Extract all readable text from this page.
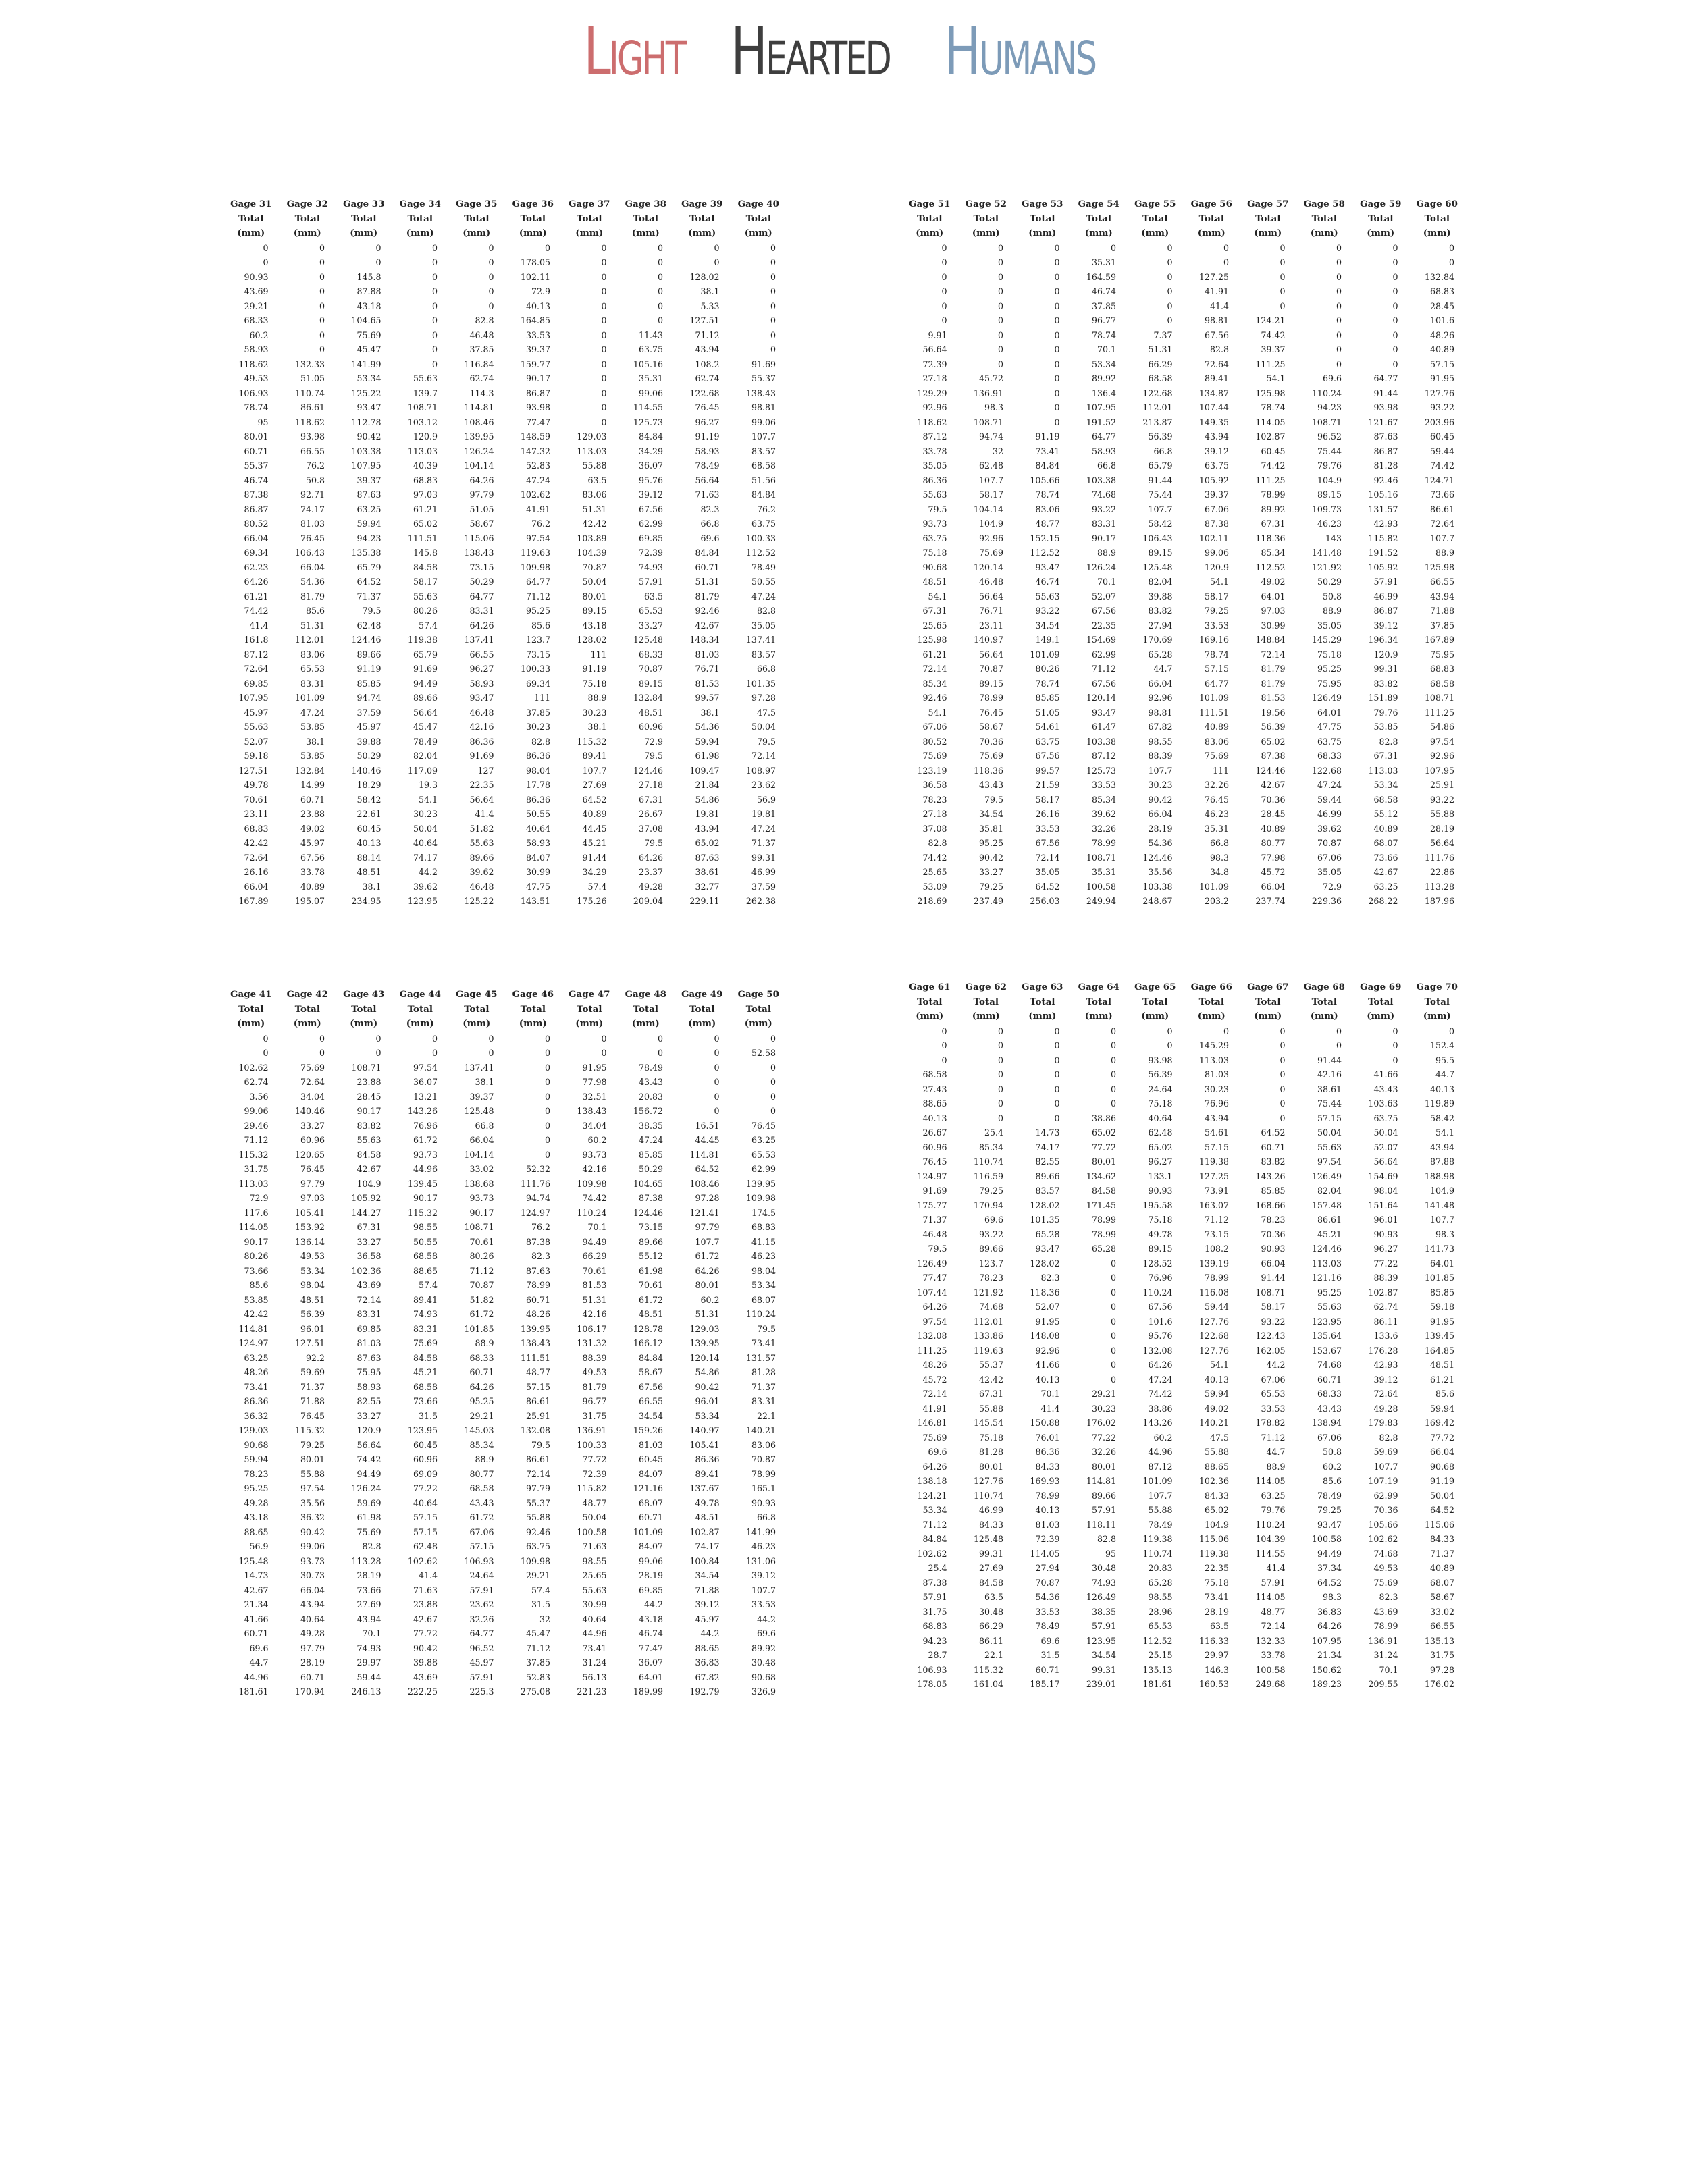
Light Hearted Humans
Gage 31	Gage 32	Gage 33	Gage 34	Gage 35	Gage 36	Gage 37	Gage 38	Gage 39	Gage 40
Total	Total	Total	Total	Total	Total	Total	Total	Total	Total
(mm)	(mm)	(mm)	(mm)	(mm)	(mm)	(mm)	(mm)	(mm)	(mm)
0	0	0	0	0	0	0	0	0	0
0	0	0	0	0	178.05	0	0	0	0
90.93	0	145.8	0	0	102.11	0	0	128.02	0
43.69	0	87.88	0	0	72.9	0	0	38.1	0
29.21	0	43.18	0	0	40.13	0	0	5.33	0
68.33	0	104.65	0	82.8	164.85	0	0	127.51	0
60.2	0	75.69	0	46.48	33.53	0	11.43	71.12	0
58.93	0	45.47	0	37.85	39.37	0	63.75	43.94	0
118.62	132.33	141.99	0	116.84	159.77	0	105.16	108.2	91.69
49.53	51.05	53.34	55.63	62.74	90.17	0	35.31	62.74	55.37
106.93	110.74	125.22	139.7	114.3	86.87	0	99.06	122.68	138.43
78.74	86.61	93.47	108.71	114.81	93.98	0	114.55	76.45	98.81
95	118.62	112.78	103.12	108.46	77.47	0	125.73	96.27	99.06
80.01	93.98	90.42	120.9	139.95	148.59	129.03	84.84	91.19	107.7
60.71	66.55	103.38	113.03	126.24	147.32	113.03	34.29	58.93	83.57
55.37	76.2	107.95	40.39	104.14	52.83	55.88	36.07	78.49	68.58
46.74	50.8	39.37	68.83	64.26	47.24	63.5	95.76	56.64	51.56
87.38	92.71	87.63	97.03	97.79	102.62	83.06	39.12	71.63	84.84
86.87	74.17	63.25	61.21	51.05	41.91	51.31	67.56	82.3	76.2
80.52	81.03	59.94	65.02	58.67	76.2	42.42	62.99	66.8	63.75
66.04	76.45	94.23	111.51	115.06	97.54	103.89	69.85	69.6	100.33
69.34	106.43	135.38	145.8	138.43	119.63	104.39	72.39	84.84	112.52
62.23	66.04	65.79	84.58	73.15	109.98	70.87	74.93	60.71	78.49
64.26	54.36	64.52	58.17	50.29	64.77	50.04	57.91	51.31	50.55
61.21	81.79	71.37	55.63	64.77	71.12	80.01	63.5	81.79	47.24
74.42	85.6	79.5	80.26	83.31	95.25	89.15	65.53	92.46	82.8
41.4	51.31	62.48	57.4	64.26	85.6	43.18	33.27	42.67	35.05
161.8	112.01	124.46	119.38	137.41	123.7	128.02	125.48	148.34	137.41
87.12	83.06	89.66	65.79	66.55	73.15	111	68.33	81.03	83.57
72.64	65.53	91.19	91.69	96.27	100.33	91.19	70.87	76.71	66.8
69.85	83.31	85.85	94.49	58.93	69.34	75.18	89.15	81.53	101.35
107.95	101.09	94.74	89.66	93.47	111	88.9	132.84	99.57	97.28
45.97	47.24	37.59	56.64	46.48	37.85	30.23	48.51	38.1	47.5
55.63	53.85	45.97	45.47	42.16	30.23	38.1	60.96	54.36	50.04
52.07	38.1	39.88	78.49	86.36	82.8	115.32	72.9	59.94	79.5
59.18	53.85	50.29	82.04	91.69	86.36	89.41	79.5	61.98	72.14
127.51	132.84	140.46	117.09	127	98.04	107.7	124.46	109.47	108.97
49.78	14.99	18.29	19.3	22.35	17.78	27.69	27.18	21.84	23.62
70.61	60.71	58.42	54.1	56.64	86.36	64.52	67.31	54.86	56.9
23.11	23.88	22.61	30.23	41.4	50.55	40.89	26.67	19.81	19.81
68.83	49.02	60.45	50.04	51.82	40.64	44.45	37.08	43.94	47.24
42.42	45.97	40.13	40.64	55.63	58.93	45.21	79.5	65.02	71.37
72.64	67.56	88.14	74.17	89.66	84.07	91.44	64.26	87.63	99.31
26.16	33.78	48.51	44.2	39.62	30.99	34.29	23.37	38.61	46.99
66.04	40.89	38.1	39.62	46.48	47.75	57.4	49.28	32.77	37.59
167.89	195.07	234.95	123.95	125.22	143.51	175.26	209.04	229.11	262.38
Gage 51	Gage 52	Gage 53	Gage 54	Gage 55	Gage 56	Gage 57	Gage 58	Gage 59	Gage 60
Total	Total	Total	Total	Total	Total	Total	Total	Total	Total
(mm)	(mm)	(mm)	(mm)	(mm)	(mm)	(mm)	(mm)	(mm)	(mm)
0	0	0	0	0	0	0	0	0	0
0	0	0	35.31	0	0	0	0	0	0
0	0	0	164.59	0	127.25	0	0	0	132.84
0	0	0	46.74	0	41.91	0	0	0	68.83
0	0	0	37.85	0	41.4	0	0	0	28.45
0	0	0	96.77	0	98.81	124.21	0	0	101.6
9.91	0	0	78.74	7.37	67.56	74.42	0	0	48.26
56.64	0	0	70.1	51.31	82.8	39.37	0	0	40.89
72.39	0	0	53.34	66.29	72.64	111.25	0	0	57.15
27.18	45.72	0	89.92	68.58	89.41	54.1	69.6	64.77	91.95
129.29	136.91	0	136.4	122.68	134.87	125.98	110.24	91.44	127.76
92.96	98.3	0	107.95	112.01	107.44	78.74	94.23	93.98	93.22
118.62	108.71	0	191.52	213.87	149.35	114.05	108.71	121.67	203.96
87.12	94.74	91.19	64.77	56.39	43.94	102.87	96.52	87.63	60.45
33.78	32	73.41	58.93	66.8	39.12	60.45	75.44	86.87	59.44
35.05	62.48	84.84	66.8	65.79	63.75	74.42	79.76	81.28	74.42
86.36	107.7	105.66	103.38	91.44	105.92	111.25	104.9	92.46	124.71
55.63	58.17	78.74	74.68	75.44	39.37	78.99	89.15	105.16	73.66
79.5	104.14	83.06	93.22	107.7	67.06	89.92	109.73	131.57	86.61
93.73	104.9	48.77	83.31	58.42	87.38	67.31	46.23	42.93	72.64
63.75	92.96	152.15	90.17	106.43	102.11	118.36	143	115.82	107.7
75.18	75.69	112.52	88.9	89.15	99.06	85.34	141.48	191.52	88.9
90.68	120.14	93.47	126.24	125.48	120.9	112.52	121.92	105.92	125.98
48.51	46.48	46.74	70.1	82.04	54.1	49.02	50.29	57.91	66.55
54.1	56.64	55.63	52.07	39.88	58.17	64.01	50.8	46.99	43.94
67.31	76.71	93.22	67.56	83.82	79.25	97.03	88.9	86.87	71.88
25.65	23.11	34.54	22.35	27.94	33.53	30.99	35.05	39.12	37.85
125.98	140.97	149.1	154.69	170.69	169.16	148.84	145.29	196.34	167.89
61.21	56.64	101.09	62.99	65.28	78.74	72.14	75.18	120.9	75.95
72.14	70.87	80.26	71.12	44.7	57.15	81.79	95.25	99.31	68.83
85.34	89.15	78.74	67.56	66.04	64.77	81.79	75.95	83.82	68.58
92.46	78.99	85.85	120.14	92.96	101.09	81.53	126.49	151.89	108.71
54.1	76.45	51.05	93.47	98.81	111.51	19.56	64.01	79.76	111.25
67.06	58.67	54.61	61.47	67.82	40.89	56.39	47.75	53.85	54.86
80.52	70.36	63.75	103.38	98.55	83.06	65.02	63.75	82.8	97.54
75.69	75.69	67.56	87.12	88.39	75.69	87.38	68.33	67.31	92.96
123.19	118.36	99.57	125.73	107.7	111	124.46	122.68	113.03	107.95
36.58	43.43	21.59	33.53	30.23	32.26	42.67	47.24	53.34	25.91
78.23	79.5	58.17	85.34	90.42	76.45	70.36	59.44	68.58	93.22
27.18	34.54	26.16	39.62	66.04	46.23	28.45	46.99	55.12	55.88
37.08	35.81	33.53	32.26	28.19	35.31	40.89	39.62	40.89	28.19
82.8	95.25	67.56	78.99	54.36	66.8	80.77	70.87	68.07	56.64
74.42	90.42	72.14	108.71	124.46	98.3	77.98	67.06	73.66	111.76
25.65	33.27	35.05	35.31	35.56	34.8	45.72	35.05	42.67	22.86
53.09	79.25	64.52	100.58	103.38	101.09	66.04	72.9	63.25	113.28
218.69	237.49	256.03	249.94	248.67	203.2	237.74	229.36	268.22	187.96
Gage 41	Gage 42	Gage 43	Gage 44	Gage 45	Gage 46	Gage 47	Gage 48	Gage 49	Gage 50
Total	Total	Total	Total	Total	Total	Total	Total	Total	Total
(mm)	(mm)	(mm)	(mm)	(mm)	(mm)	(mm)	(mm)	(mm)	(mm)
0	0	0	0	0	0	0	0	0	0
0	0	0	0	0	0	0	0	0	52.58
102.62	75.69	108.71	97.54	137.41	0	91.95	78.49	0	0
62.74	72.64	23.88	36.07	38.1	0	77.98	43.43	0	0
3.56	34.04	28.45	13.21	39.37	0	32.51	20.83	0	0
99.06	140.46	90.17	143.26	125.48	0	138.43	156.72	0	0
29.46	33.27	83.82	76.96	66.8	0	34.04	38.35	16.51	76.45
71.12	60.96	55.63	61.72	66.04	0	60.2	47.24	44.45	63.25
115.32	120.65	84.58	93.73	104.14	0	93.73	85.85	114.81	65.53
31.75	76.45	42.67	44.96	33.02	52.32	42.16	50.29	64.52	62.99
113.03	97.79	104.9	139.45	138.68	111.76	109.98	104.65	108.46	139.95
72.9	97.03	105.92	90.17	93.73	94.74	74.42	87.38	97.28	109.98
117.6	105.41	144.27	115.32	90.17	124.97	110.24	124.46	121.41	174.5
114.05	153.92	67.31	98.55	108.71	76.2	70.1	73.15	97.79	68.83
90.17	136.14	33.27	50.55	70.61	87.38	94.49	89.66	107.7	41.15
80.26	49.53	36.58	68.58	80.26	82.3	66.29	55.12	61.72	46.23
73.66	53.34	102.36	88.65	71.12	87.63	70.61	61.98	64.26	98.04
85.6	98.04	43.69	57.4	70.87	78.99	81.53	70.61	80.01	53.34
53.85	48.51	72.14	89.41	51.82	60.71	51.31	61.72	60.2	68.07
42.42	56.39	83.31	74.93	61.72	48.26	42.16	48.51	51.31	110.24
114.81	96.01	69.85	83.31	101.85	139.95	106.17	128.78	129.03	79.5
124.97	127.51	81.03	75.69	88.9	138.43	131.32	166.12	139.95	73.41
63.25	92.2	87.63	84.58	68.33	111.51	88.39	84.84	120.14	131.57
48.26	59.69	75.95	45.21	60.71	48.77	49.53	58.67	54.86	81.28
73.41	71.37	58.93	68.58	64.26	57.15	81.79	67.56	90.42	71.37
86.36	71.88	82.55	73.66	95.25	86.61	96.77	66.55	96.01	83.31
36.32	76.45	33.27	31.5	29.21	25.91	31.75	34.54	53.34	22.1
129.03	115.32	120.9	123.95	145.03	132.08	136.91	159.26	140.97	140.21
90.68	79.25	56.64	60.45	85.34	79.5	100.33	81.03	105.41	83.06
59.94	80.01	74.42	60.96	88.9	86.61	77.72	60.45	86.36	70.87
78.23	55.88	94.49	69.09	80.77	72.14	72.39	84.07	89.41	78.99
95.25	97.54	126.24	77.22	68.58	97.79	115.82	121.16	137.67	165.1
49.28	35.56	59.69	40.64	43.43	55.37	48.77	68.07	49.78	90.93
43.18	36.32	61.98	57.15	61.72	55.88	50.04	60.71	48.51	66.8
88.65	90.42	75.69	57.15	67.06	92.46	100.58	101.09	102.87	141.99
56.9	99.06	82.8	62.48	57.15	63.75	71.63	84.07	74.17	46.23
125.48	93.73	113.28	102.62	106.93	109.98	98.55	99.06	100.84	131.06
14.73	30.73	28.19	41.4	24.64	29.21	25.65	28.19	34.54	39.12
42.67	66.04	73.66	71.63	57.91	57.4	55.63	69.85	71.88	107.7
21.34	43.94	27.69	23.88	23.62	31.5	30.99	44.2	39.12	33.53
41.66	40.64	43.94	42.67	32.26	32	40.64	43.18	45.97	44.2
60.71	49.28	70.1	77.72	64.77	45.47	44.96	46.74	44.2	69.6
69.6	97.79	74.93	90.42	96.52	71.12	73.41	77.47	88.65	89.92
44.7	28.19	29.97	39.88	45.97	37.85	31.24	36.07	36.83	30.48
44.96	60.71	59.44	43.69	57.91	52.83	56.13	64.01	67.82	90.68
181.61	170.94	246.13	222.25	225.3	275.08	221.23	189.99	192.79	326.9
Gage 61	Gage 62	Gage 63	Gage 64	Gage 65	Gage 66	Gage 67	Gage 68	Gage 69	Gage 70
Total	Total	Total	Total	Total	Total	Total	Total	Total	Total
(mm)	(mm)	(mm)	(mm)	(mm)	(mm)	(mm)	(mm)	(mm)	(mm)
0	0	0	0	0	0	0	0	0	0
0	0	0	0	0	145.29	0	0	0	152.4
0	0	0	0	93.98	113.03	0	91.44	0	95.5
68.58	0	0	0	56.39	81.03	0	42.16	41.66	44.7
27.43	0	0	0	24.64	30.23	0	38.61	43.43	40.13
88.65	0	0	0	75.18	76.96	0	75.44	103.63	119.89
40.13	0	0	38.86	40.64	43.94	0	57.15	63.75	58.42
26.67	25.4	14.73	65.02	62.48	54.61	64.52	50.04	50.04	54.1
60.96	85.34	74.17	77.72	65.02	57.15	60.71	55.63	52.07	43.94
76.45	110.74	82.55	80.01	96.27	119.38	83.82	97.54	56.64	87.88
124.97	116.59	89.66	134.62	133.1	127.25	143.26	126.49	154.69	188.98
91.69	79.25	83.57	84.58	90.93	73.91	85.85	82.04	98.04	104.9
175.77	170.94	128.02	171.45	195.58	163.07	168.66	157.48	151.64	141.48
71.37	69.6	101.35	78.99	75.18	71.12	78.23	86.61	96.01	107.7
46.48	93.22	65.28	78.99	49.78	73.15	70.36	45.21	90.93	98.3
79.5	89.66	93.47	65.28	89.15	108.2	90.93	124.46	96.27	141.73
126.49	123.7	128.02	0	128.52	139.19	66.04	113.03	77.22	64.01
77.47	78.23	82.3	0	76.96	78.99	91.44	121.16	88.39	101.85
107.44	121.92	118.36	0	110.24	116.08	108.71	95.25	102.87	85.85
64.26	74.68	52.07	0	67.56	59.44	58.17	55.63	62.74	59.18
97.54	112.01	91.95	0	101.6	127.76	93.22	123.95	86.11	91.95
132.08	133.86	148.08	0	95.76	122.68	122.43	135.64	133.6	139.45
111.25	119.63	92.96	0	132.08	127.76	162.05	153.67	176.28	164.85
48.26	55.37	41.66	0	64.26	54.1	44.2	74.68	42.93	48.51
45.72	42.42	40.13	0	47.24	40.13	67.06	60.71	39.12	61.21
72.14	67.31	70.1	29.21	74.42	59.94	65.53	68.33	72.64	85.6
41.91	55.88	41.4	30.23	38.86	49.02	33.53	43.43	49.28	59.94
146.81	145.54	150.88	176.02	143.26	140.21	178.82	138.94	179.83	169.42
75.69	75.18	76.01	77.22	60.2	47.5	71.12	67.06	82.8	77.72
69.6	81.28	86.36	32.26	44.96	55.88	44.7	50.8	59.69	66.04
64.26	80.01	84.33	80.01	87.12	88.65	88.9	60.2	107.7	90.68
138.18	127.76	169.93	114.81	101.09	102.36	114.05	85.6	107.19	91.19
124.21	110.74	78.99	89.66	107.7	84.33	63.25	78.49	62.99	50.04
53.34	46.99	40.13	57.91	55.88	65.02	79.76	79.25	70.36	64.52
71.12	84.33	81.03	118.11	78.49	104.9	110.24	93.47	105.66	115.06
84.84	125.48	72.39	82.8	119.38	115.06	104.39	100.58	102.62	84.33
102.62	99.31	114.05	95	110.74	119.38	114.55	94.49	74.68	71.37
25.4	27.69	27.94	30.48	20.83	22.35	41.4	37.34	49.53	40.89
87.38	84.58	70.87	74.93	65.28	75.18	57.91	64.52	75.69	68.07
57.91	63.5	54.36	126.49	98.55	73.41	114.05	98.3	82.3	58.67
31.75	30.48	33.53	38.35	28.96	28.19	48.77	36.83	43.69	33.02
68.83	66.29	78.49	57.91	65.53	63.5	72.14	64.26	78.99	66.55
94.23	86.11	69.6	123.95	112.52	116.33	132.33	107.95	136.91	135.13
28.7	22.1	31.5	34.54	25.15	29.97	33.78	21.34	31.24	31.75
106.93	115.32	60.71	99.31	135.13	146.3	100.58	150.62	70.1	97.28
178.05	161.04	185.17	239.01	181.61	160.53	249.68	189.23	209.55	176.02
